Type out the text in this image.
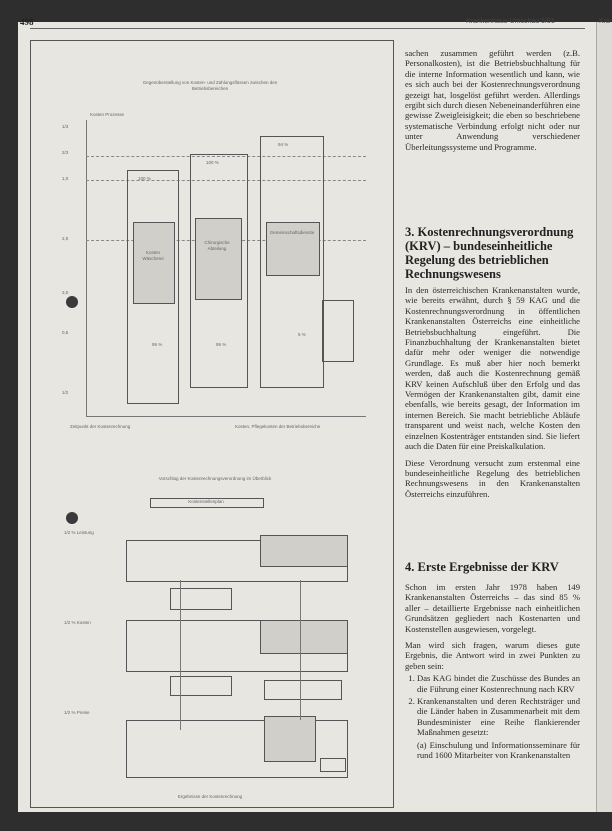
Kra
498	Krankenhaus-Umschau 5/81
Gegenüberstellung von Kosten- und Zahlungsflüssen zwischen den Betriebsbereichen
Kosten Prozesse
1/3
2/3
1,0
2,0
3,0
0,5
1/2
Kosten Wäscherei
100 %
95 %
Chirurgische Abteilung
100 %
95 %
Gemeinschaftsdienste
94 %
5 %
Zeitpunkt der Kostenrechnung	Kosten, Pflegekosten der Betriebsbereiche
Vorschlag der Kostenrechnungsverordnung im Überblick
Kostenstellenplan
1/2 % Leistung
1/2 % Kosten
1/2 % Preise
Ergebnisse der Kostenrechnung

sachen zusammen geführt werden (z.B. Personalkosten), ist die Betriebsbuchhaltung für die interne Information wesentlich und kann, wie es sich auch bei der Kostenrechnungsverordnung gezeigt hat, losgelöst geführt werden. Allerdings ergibt sich durch diesen Nebeneinanderführen eine gewisse Zweigleisigkeit; die eben so beschriebene systematische Verbindung erfolgt nicht oder nur unter Anwendung verschiedener Überleitungssysteme und Programme.

3. Kostenrechnungsverordnung (KRV) – bundeseinheitliche Regelung des betrieblichen Rechnungswesens

In den österreichischen Krankenanstalten wurde, wie bereits erwähnt, durch § 59 KAG und die Kostenrechnungsverordnung in öffentlichen Krankenanstalten Österreichs eine einheitliche Betriebsbuchhaltung eingeführt. Die Finanzbuchhaltung der Krankenanstalten bietet dafür mehr oder weniger die notwendige Grundlage. Es muß aber hier noch bemerkt werden, daß auch die Kostenrechnung gemäß KRV keinen Aufschluß über den Erfolg und das Vermögen der Krankenanstalten gibt, damit eine ebenfalls, wie bereits gesagt, der Information im internen Bereich. Sie macht betriebliche Abläufe transparent und weist nach, welche Kosten den einzelnen Kostenträger entstanden sind. Sie liefert auch die Daten für eine Preiskalkulation.

Diese Verordnung versucht zum erstenmal eine bundeseinheitliche Regelung des betrieblichen Rechnungswesens in den Krankenanstalten Österreichs einzuführen.

4. Erste Ergebnisse der KRV

Schon im ersten Jahr 1978 haben 149 Krankenanstalten Österreichs – das sind 85 % aller – detaillierte Ergebnisse nach einheitlichen Grundsätzen gegliedert nach Kostenarten und Kostenstellen ausgewiesen, vorgelegt.

Man wird sich fragen, warum dieses gute Ergebnis, die Antwort wird in zwei Punkten zu geben sein:

1. Das KAG bindet die Zuschüsse des Bundes an die Führung einer Kostenrechnung nach KRV
2. Krankenanstalten und deren Rechtsträger und die Länder haben in Zusammenarbeit mit dem Bundesminister eine Reihe flankierender Maßnahmen gesetzt:

(a) Einschulung und Informationsseminare für rund 1600 Mitarbeiter von Krankenanstalten
